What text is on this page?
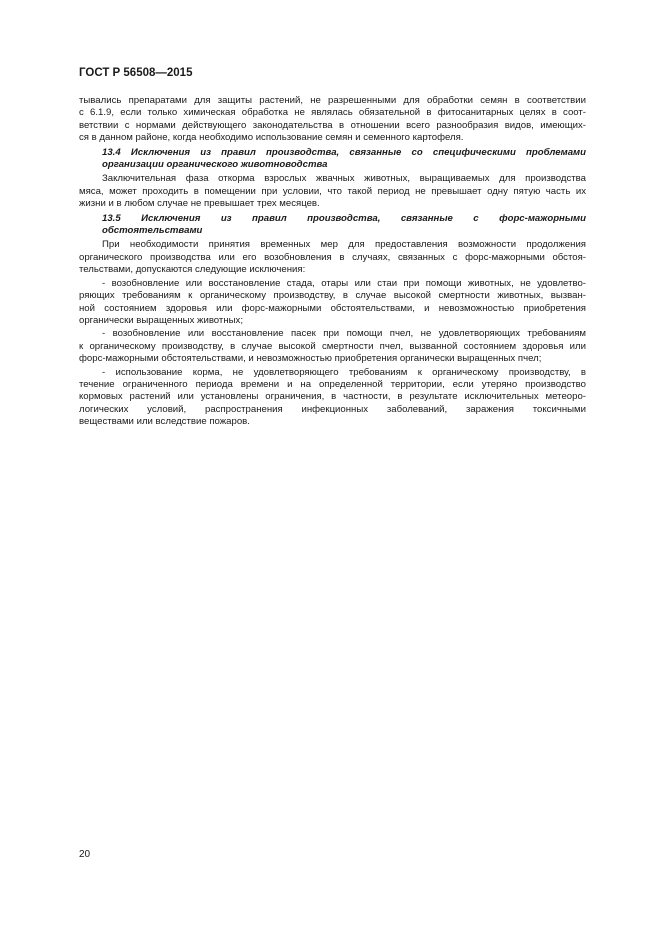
ГОСТ Р 56508—2015
тывались препаратами для защиты растений, не разрешенными для обработки семян в соответствии
с 6.1.9, если только химическая обработка не являлась обязательной в фитосанитарных целях в соот-
ветствии с нормами действующего законодательства в отношении всего разнообразия видов, имеющих-
ся в данном районе, когда необходимо использование семян и семенного картофеля.
13.4 Исключения из правил производства, связанные со специфическими проблемами
организации органического животноводства
Заключительная фаза откорма взрослых жвачных животных, выращиваемых для производства
мяса, может проходить в помещении при условии, что такой период не превышает одну пятую часть их
жизни и в любом случае не превышает трех месяцев.
13.5 Исключения из правил производства, связанные с форс-мажорными
обстоятельствами
При необходимости принятия временных мер для предоставления возможности продолжения
органического производства или его возобновления в случаях, связанных с форс-мажорными обстоя-
тельствами, допускаются следующие исключения:
- возобновление или восстановление стада, отары или стаи при помощи животных, не удовлетво-
ряющих требованиям к органическому производству, в случае высокой смертности животных, вызван-
ной состоянием здоровья или форс-мажорными обстоятельствами, и невозможностью приобретения
органически выращенных животных;
- возобновление или восстановление пасек при помощи пчел, не удовлетворяющих требованиям
к органическому производству, в случае высокой смертности пчел, вызванной состоянием здоровья или
форс-мажорными обстоятельствами, и невозможностью приобретения органически выращенных пчел;
- использование корма, не удовлетворяющего требованиям к органическому производству, в
течение ограниченного периода времени и на определенной территории, если утеряно производство
кормовых растений или установлены ограничения, в частности, в результате исключительных метеоро-
логических условий, распространения инфекционных заболеваний, заражения токсичными
веществами или вследствие пожаров.
20
